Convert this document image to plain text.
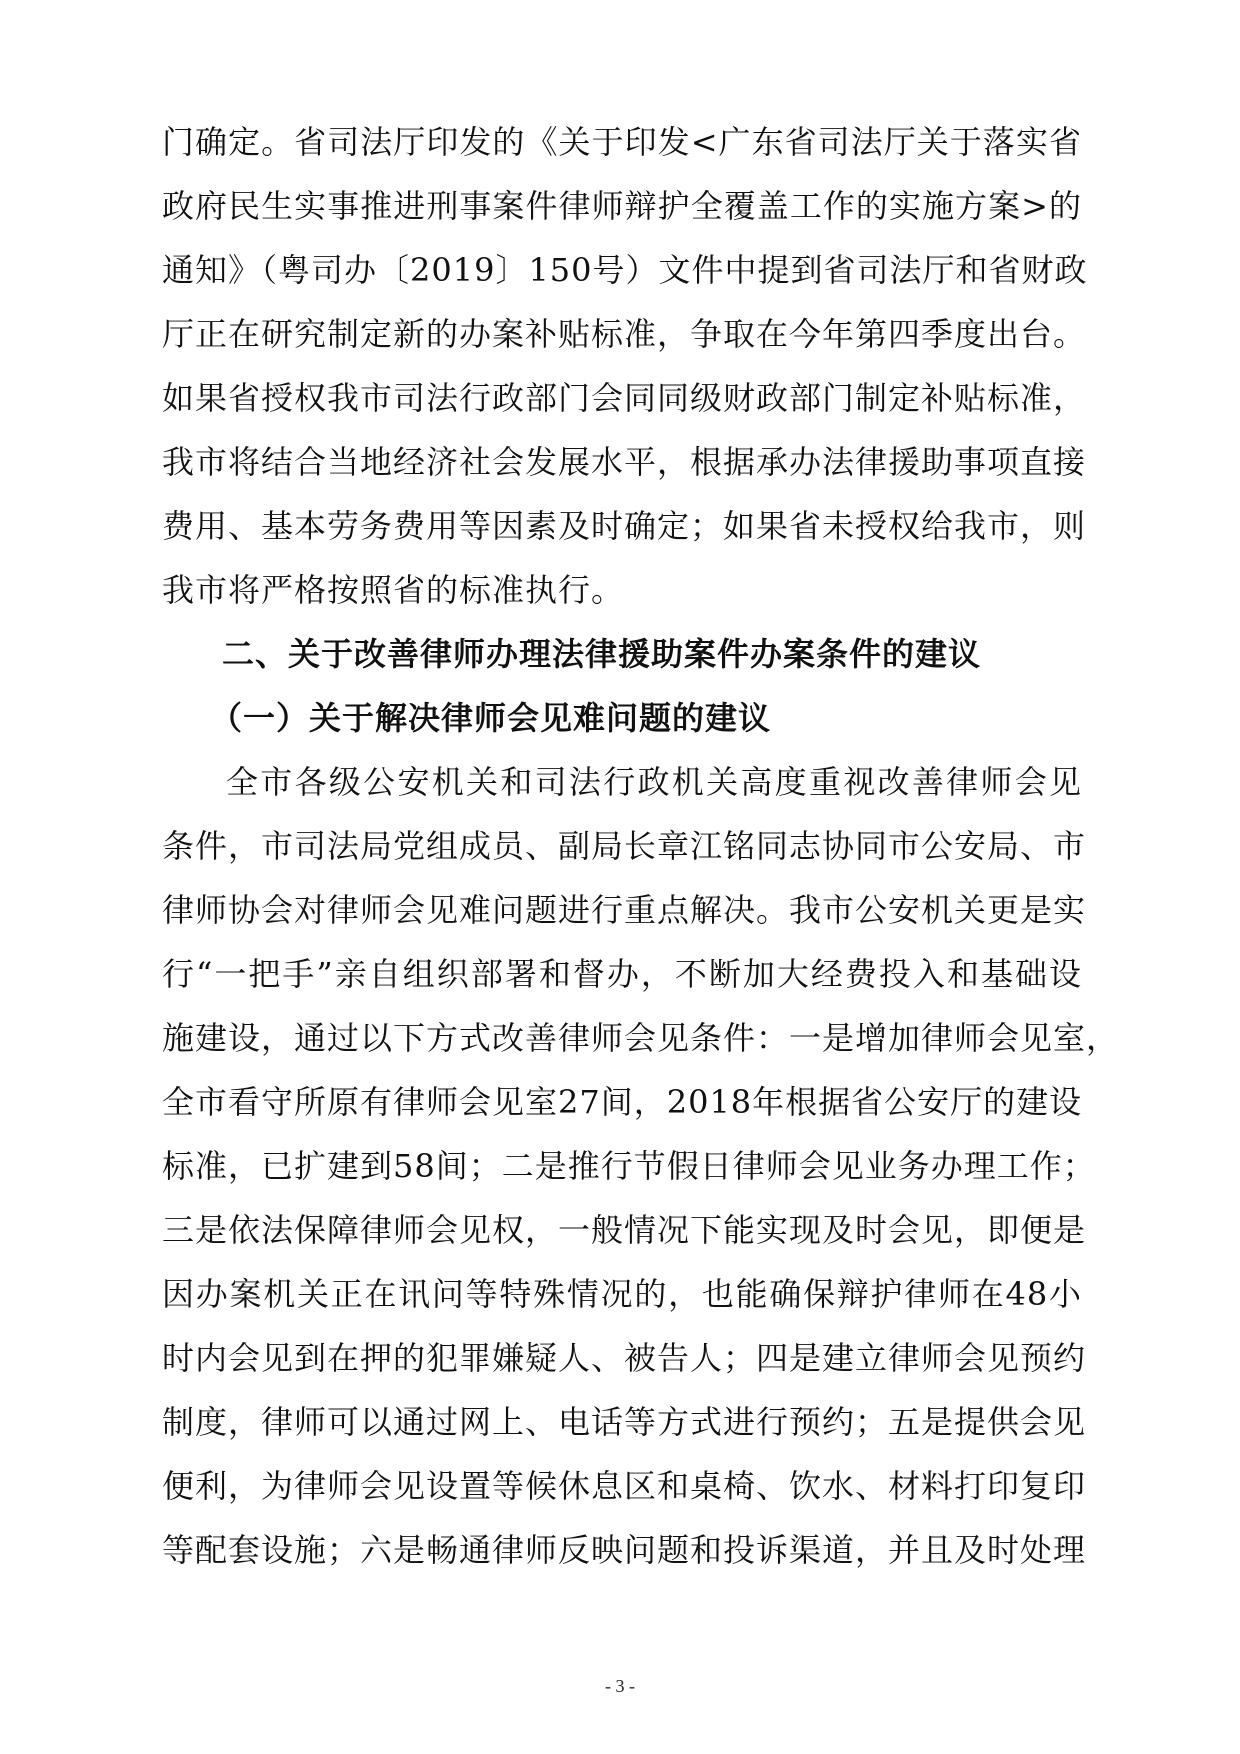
门确定。省司法厅印发的《关于印发<广东省司法厅关于落实省
政府民生实事推进刑事案件律师辩护全覆盖工作的实施方案>的
通知》（粤司办〔2019〕150号）文件中提到省司法厅和省财政
厅正在研究制定新的办案补贴标准，争取在今年第四季度出台。
如果省授权我市司法行政部门会同同级财政部门制定补贴标准，
我市将结合当地经济社会发展水平，根据承办法律援助事项直接
费用、基本劳务费用等因素及时确定；如果省未授权给我市，则
我市将严格按照省的标准执行。
二、关于改善律师办理法律援助案件办案条件的建议
（一）关于解决律师会见难问题的建议
全市各级公安机关和司法行政机关高度重视改善律师会见
条件，市司法局党组成员、副局长章江铭同志协同市公安局、市
律师协会对律师会见难问题进行重点解决。我市公安机关更是实
行“一把手”亲自组织部署和督办，不断加大经费投入和基础设
施建设，通过以下方式改善律师会见条件：一是增加律师会见室，
全市看守所原有律师会见室27间，2018年根据省公安厅的建设
标准，已扩建到58间；二是推行节假日律师会见业务办理工作；
三是依法保障律师会见权，一般情况下能实现及时会见，即便是
因办案机关正在讯问等特殊情况的，也能确保辩护律师在48小
时内会见到在押的犯罪嫌疑人、被告人；四是建立律师会见预约
制度，律师可以通过网上、电话等方式进行预约；五是提供会见
便利，为律师会见设置等候休息区和桌椅、饮水、材料打印复印
等配套设施；六是畅通律师反映问题和投诉渠道，并且及时处理
- 3 -
